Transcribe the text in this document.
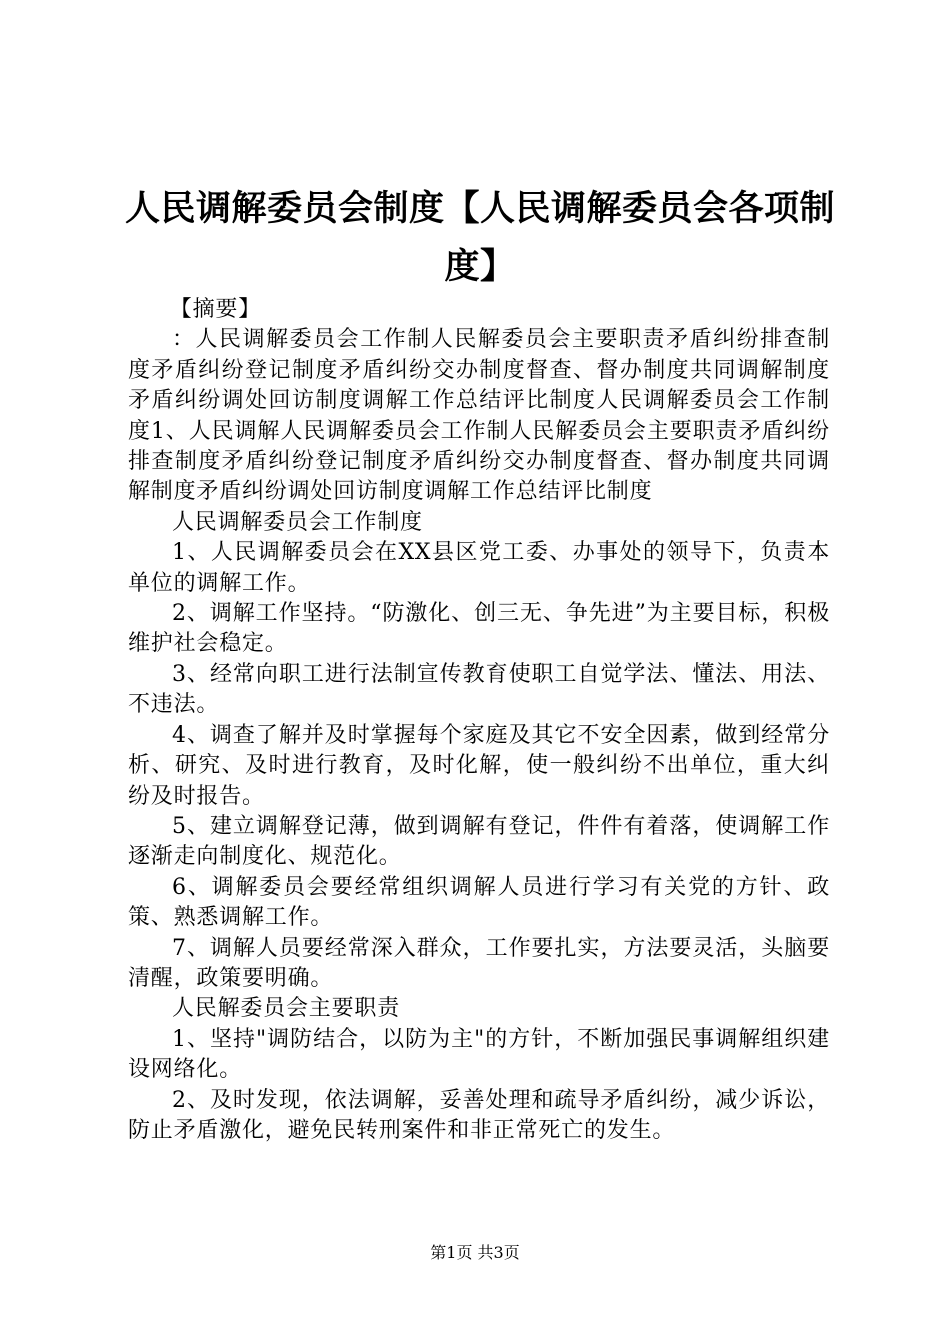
人民调解委员会制度【人民调解委员会各项制度】

【摘要】

：人民调解委员会工作制人民解委员会主要职责矛盾纠纷排查制度矛盾纠纷登记制度矛盾纠纷交办制度督查、督办制度共同调解制度矛盾纠纷调处回访制度调解工作总结评比制度人民调解委员会工作制度1、人民调解人民调解委员会工作制人民解委员会主要职责矛盾纠纷排查制度矛盾纠纷登记制度矛盾纠纷交办制度督查、督办制度共同调解制度矛盾纠纷调处回访制度调解工作总结评比制度

人民调解委员会工作制度

1、人民调解委员会在XX县区党工委、办事处的领导下，负责本单位的调解工作。

2、调解工作坚持。“防激化、创三无、争先进”为主要目标，积极维护社会稳定。

3、经常向职工进行法制宣传教育使职工自觉学法、懂法、用法、不违法。

4、调查了解并及时掌握每个家庭及其它不安全因素，做到经常分析、研究、及时进行教育，及时化解，使一般纠纷不出单位，重大纠纷及时报告。

5、建立调解登记薄，做到调解有登记，件件有着落，使调解工作逐渐走向制度化、规范化。

6、调解委员会要经常组织调解人员进行学习有关党的方针、政策、熟悉调解工作。

7、调解人员要经常深入群众，工作要扎实，方法要灵活，头脑要清醒，政策要明确。

人民解委员会主要职责

1、坚持"调防结合，以防为主"的方针，不断加强民事调解组织建设网络化。

2、及时发现，依法调解，妥善处理和疏导矛盾纠纷，减少诉讼，防止矛盾激化，避免民转刑案件和非正常死亡的发生。

第1页 共3页
